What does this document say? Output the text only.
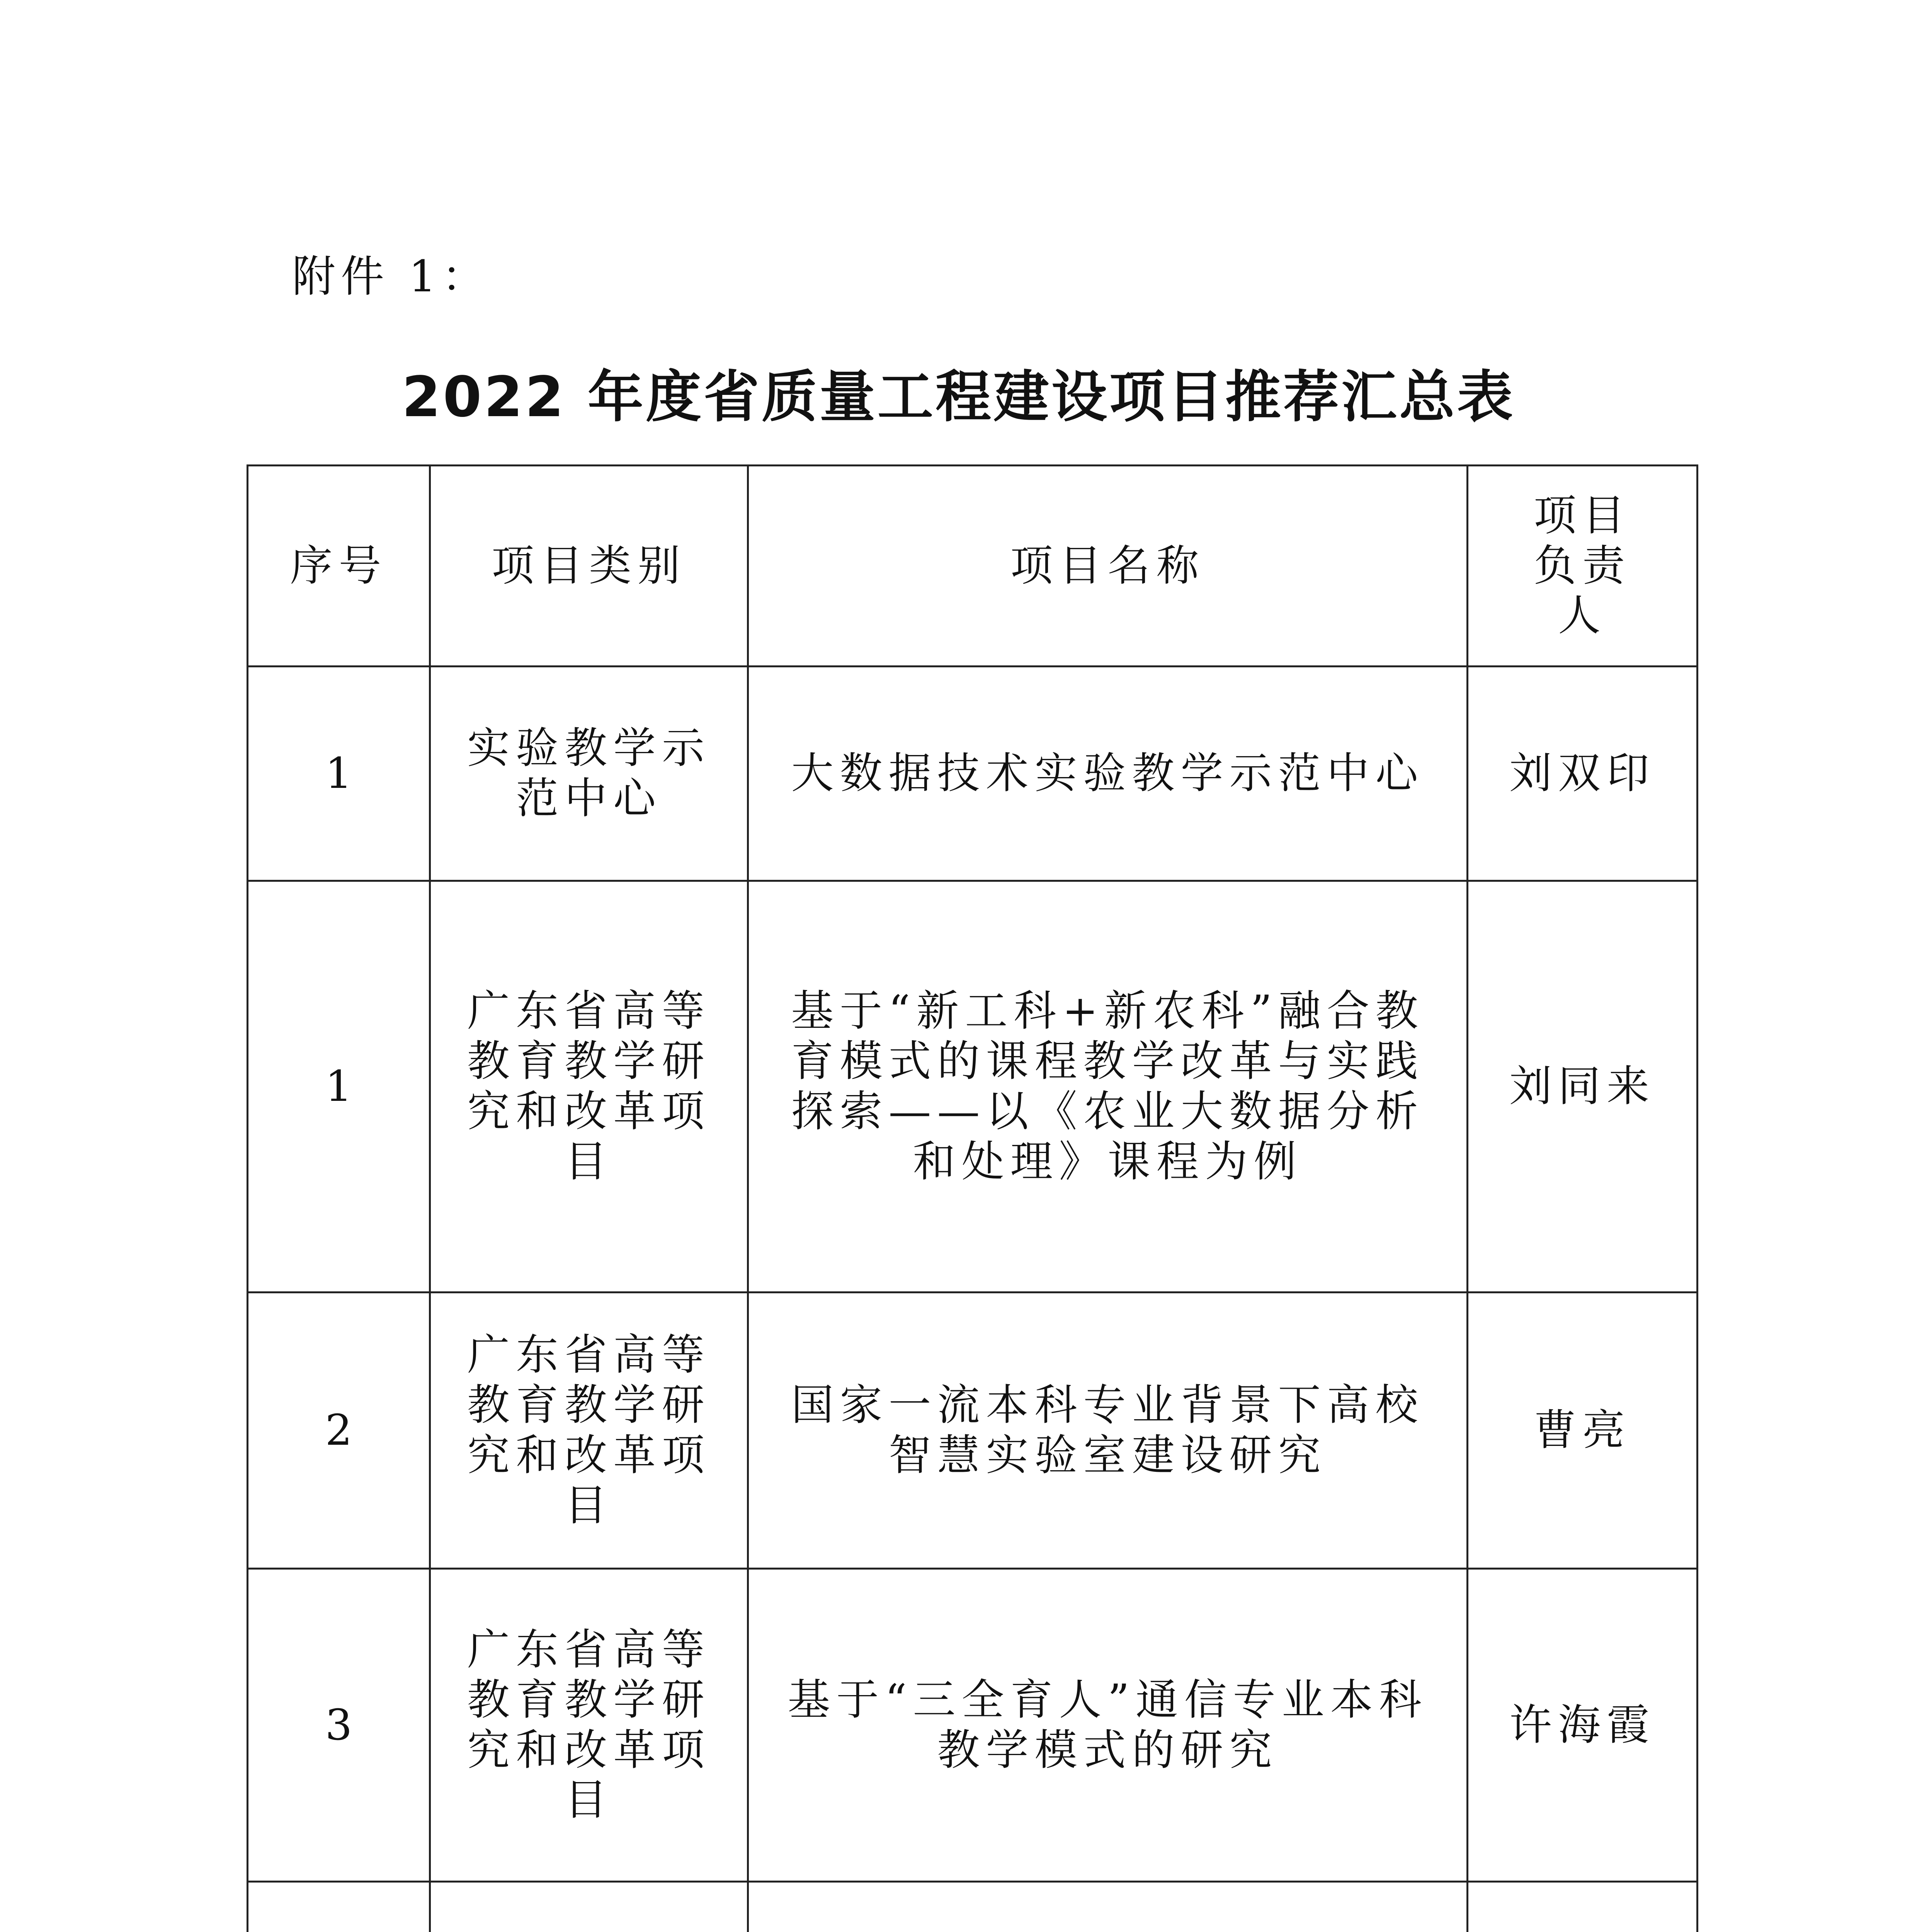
附件 1：
2022 年度省质量工程建设项目推荐汇总表
序号	项目类别	项目名称	项目负责人
1	实验教学示范中心	大数据技术实验教学示范中心	刘双印
1	广东省高等教育教学研究和改革项目	基于“新工科+新农科”融合教育模式的课程教学改革与实践探索——以《农业大数据分析和处理》课程为例	刘同来
2	广东省高等教育教学研究和改革项目	国家一流本科专业背景下高校智慧实验室建设研究	曹亮
3	广东省高等教育教学研究和改革项目	基于“三全育人”通信专业本科教学模式的研究	许海霞
